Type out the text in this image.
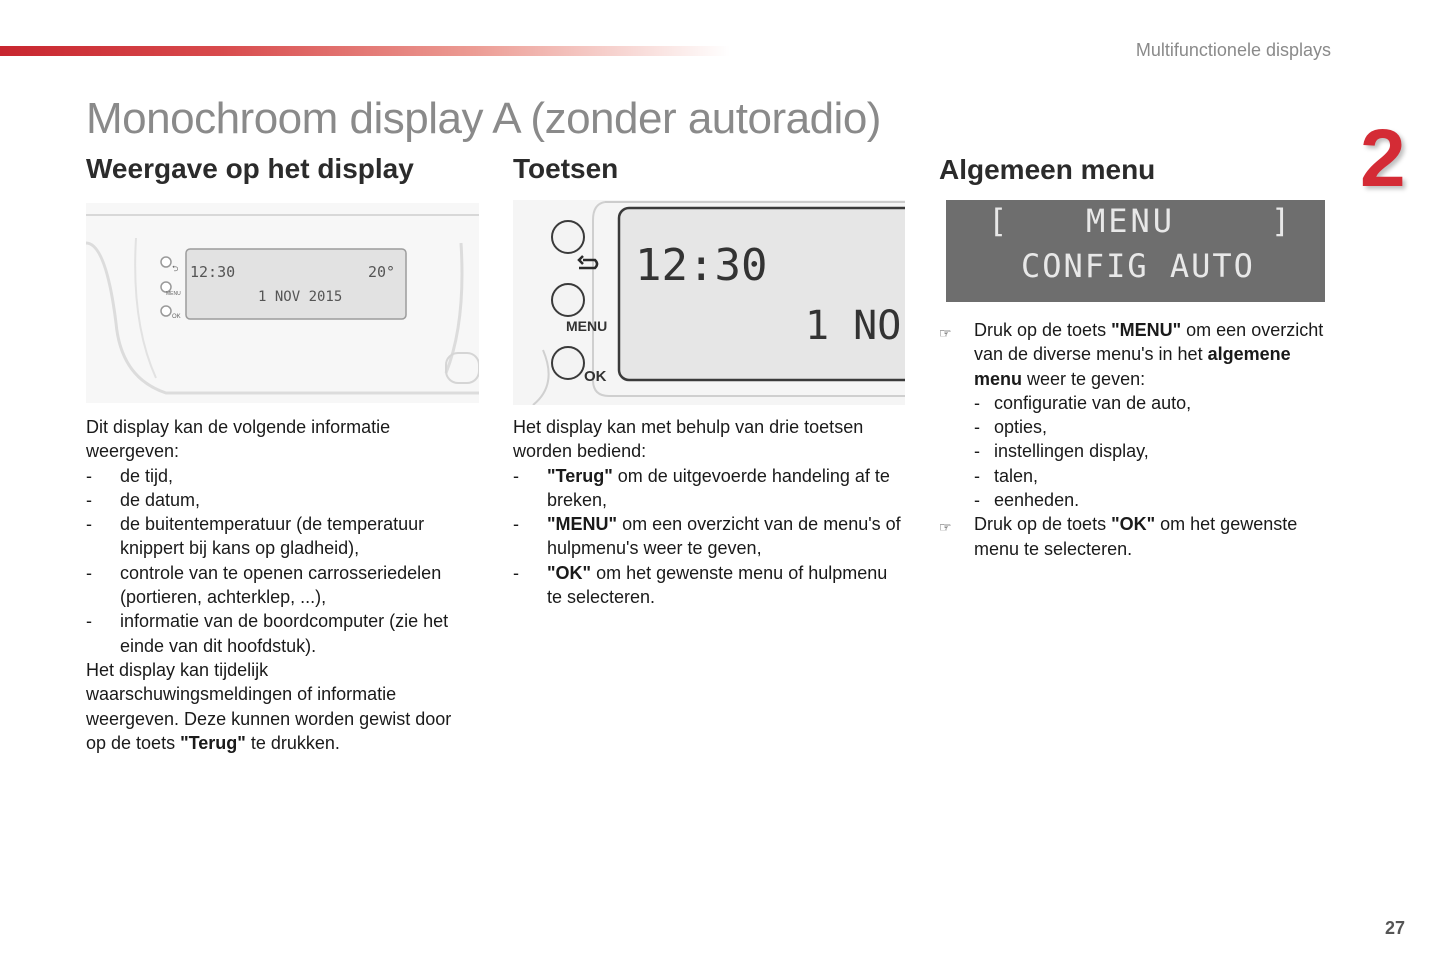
Multifunctionele displays
2
Monochroom display A (zonder autoradio)
Weergave op het display
12:30	20°
1 NOV 2015
⮌
MENU
OK

Dit display kan de volgende informatie weergeven:

- de tijd,
- de datum,
- de buitentemperatuur (de temperatuur knippert bij kans op gladheid),
- controle van te openen carrosseriedelen (portieren, achterklep, ...),
- informatie van de boordcomputer (zie het einde van dit hoofdstuk).

Het display kan tijdelijk waarschuwingsmeldingen of informatie weergeven. Deze kunnen worden gewist door op de toets "Terug" te drukken.

Toetsen
MENU
OK
12:30
1 NO

Het display kan met behulp van drie toetsen worden bediend:

- "Terug" om de uitgevoerde handeling af te breken,
- "MENU" om een overzicht van de menu's of hulpmenu's weer te geven,
- "OK" om het gewenste menu of hulpmenu te selecteren.
Algemeen menu
[ MENU	]
CONFIG AUTO
☞ Druk op de toets "MENU" om een overzicht van de diverse menu's in het algemene menu weer te geven:
- configuratie van de auto,
- opties,
- instellingen display,
- talen,
- eenheden.
☞ Druk op de toets "OK" om het gewenste menu te selecteren.
27
